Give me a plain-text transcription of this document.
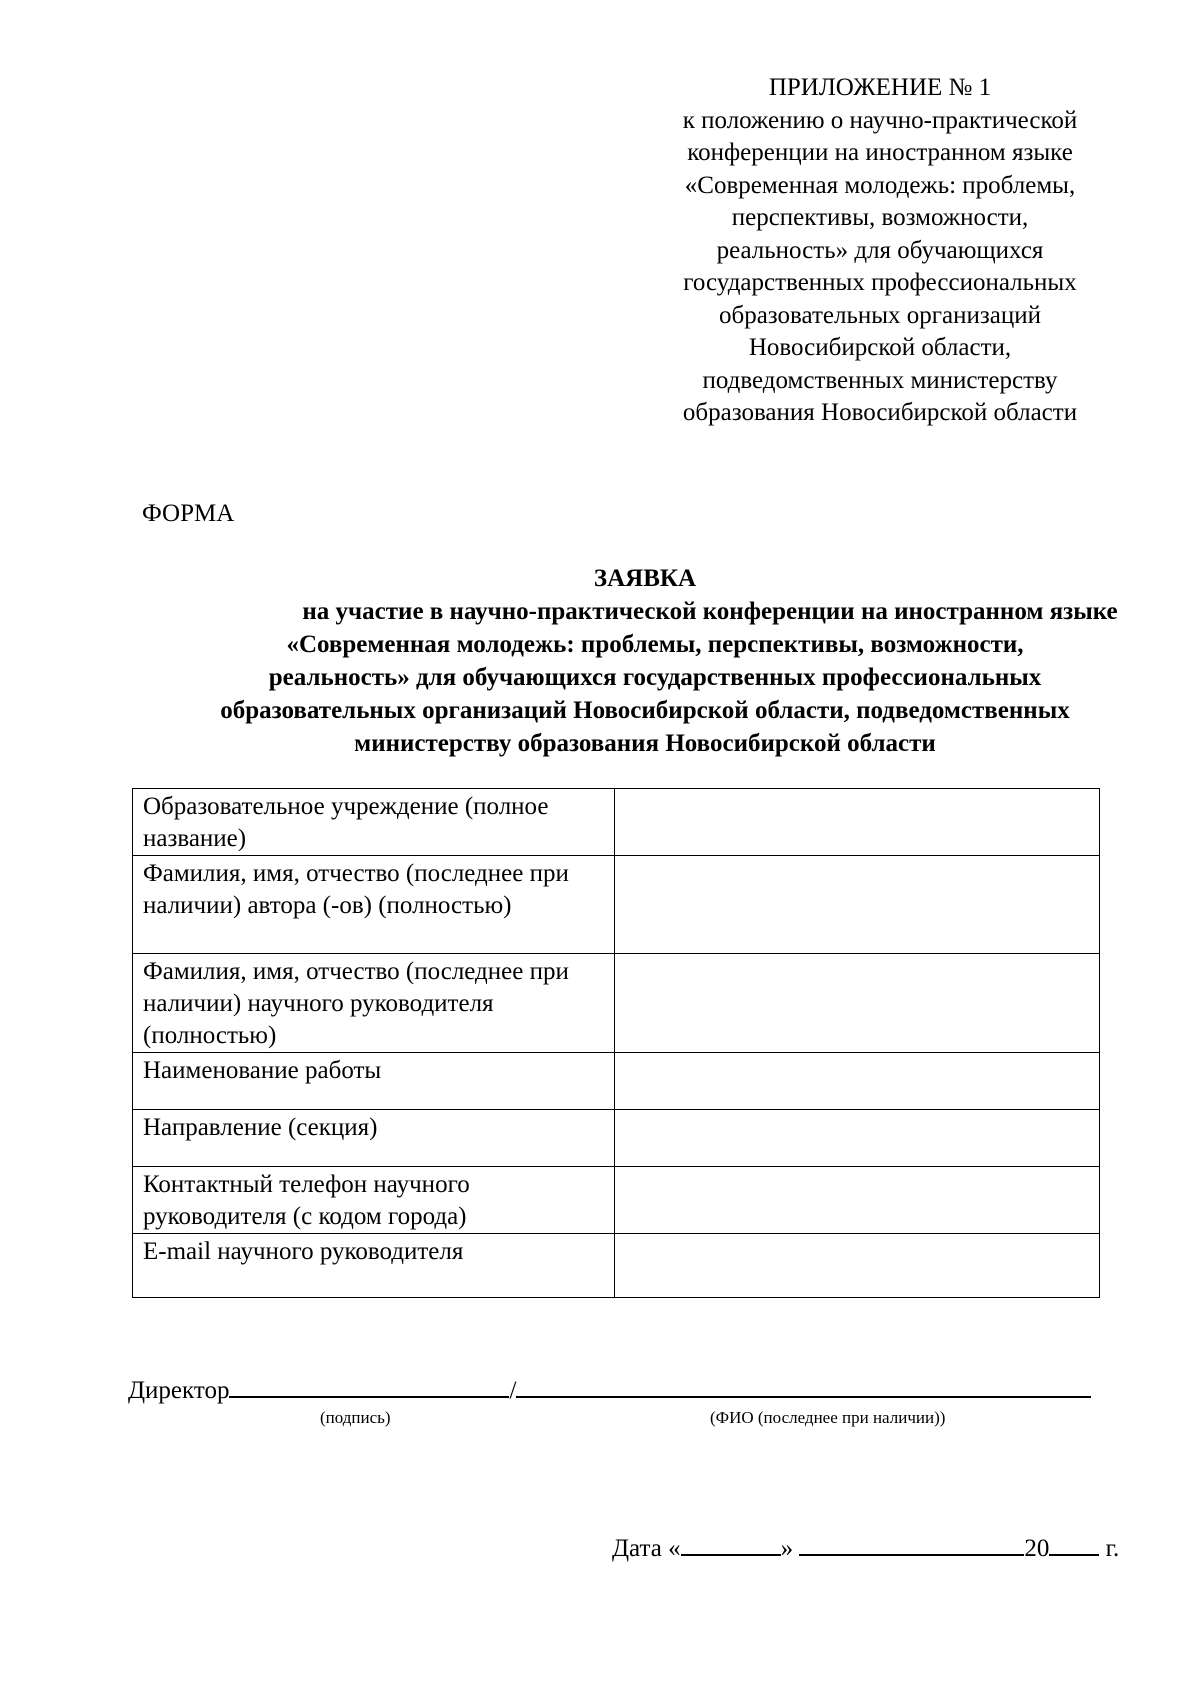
ПРИЛОЖЕНИЕ № 1
к положению о научно-практической
конференции на иностранном языке
«Современная молодежь: проблемы,
перспективы, возможности,
реальность» для обучающихся
государственных профессиональных
образовательных организаций
Новосибирской области,
подведомственных министерству
образования Новосибирской области
ФОРМА
ЗАЯВКА
на участие в научно-практической конференции на иностранном языке
«Современная молодежь: проблемы, перспективы, возможности,
реальность» для обучающихся государственных профессиональных
образовательных организаций Новосибирской области, подведомственных
министерству образования Новосибирской области
Образовательное учреждение (полное название)	
Фамилия, имя, отчество (последнее при наличии) автора (-ов) (полностью)	
Фамилия, имя, отчество (последнее при наличии) научного руководителя (полностью)	
Наименование работы	
Направление (секция)	
Контактный телефон научного руководителя (с кодом города)	
E-mail научного руководителя	
Директор	/
(подпись)	(ФИО (последнее при наличии))
Дата «	»	20 г.
